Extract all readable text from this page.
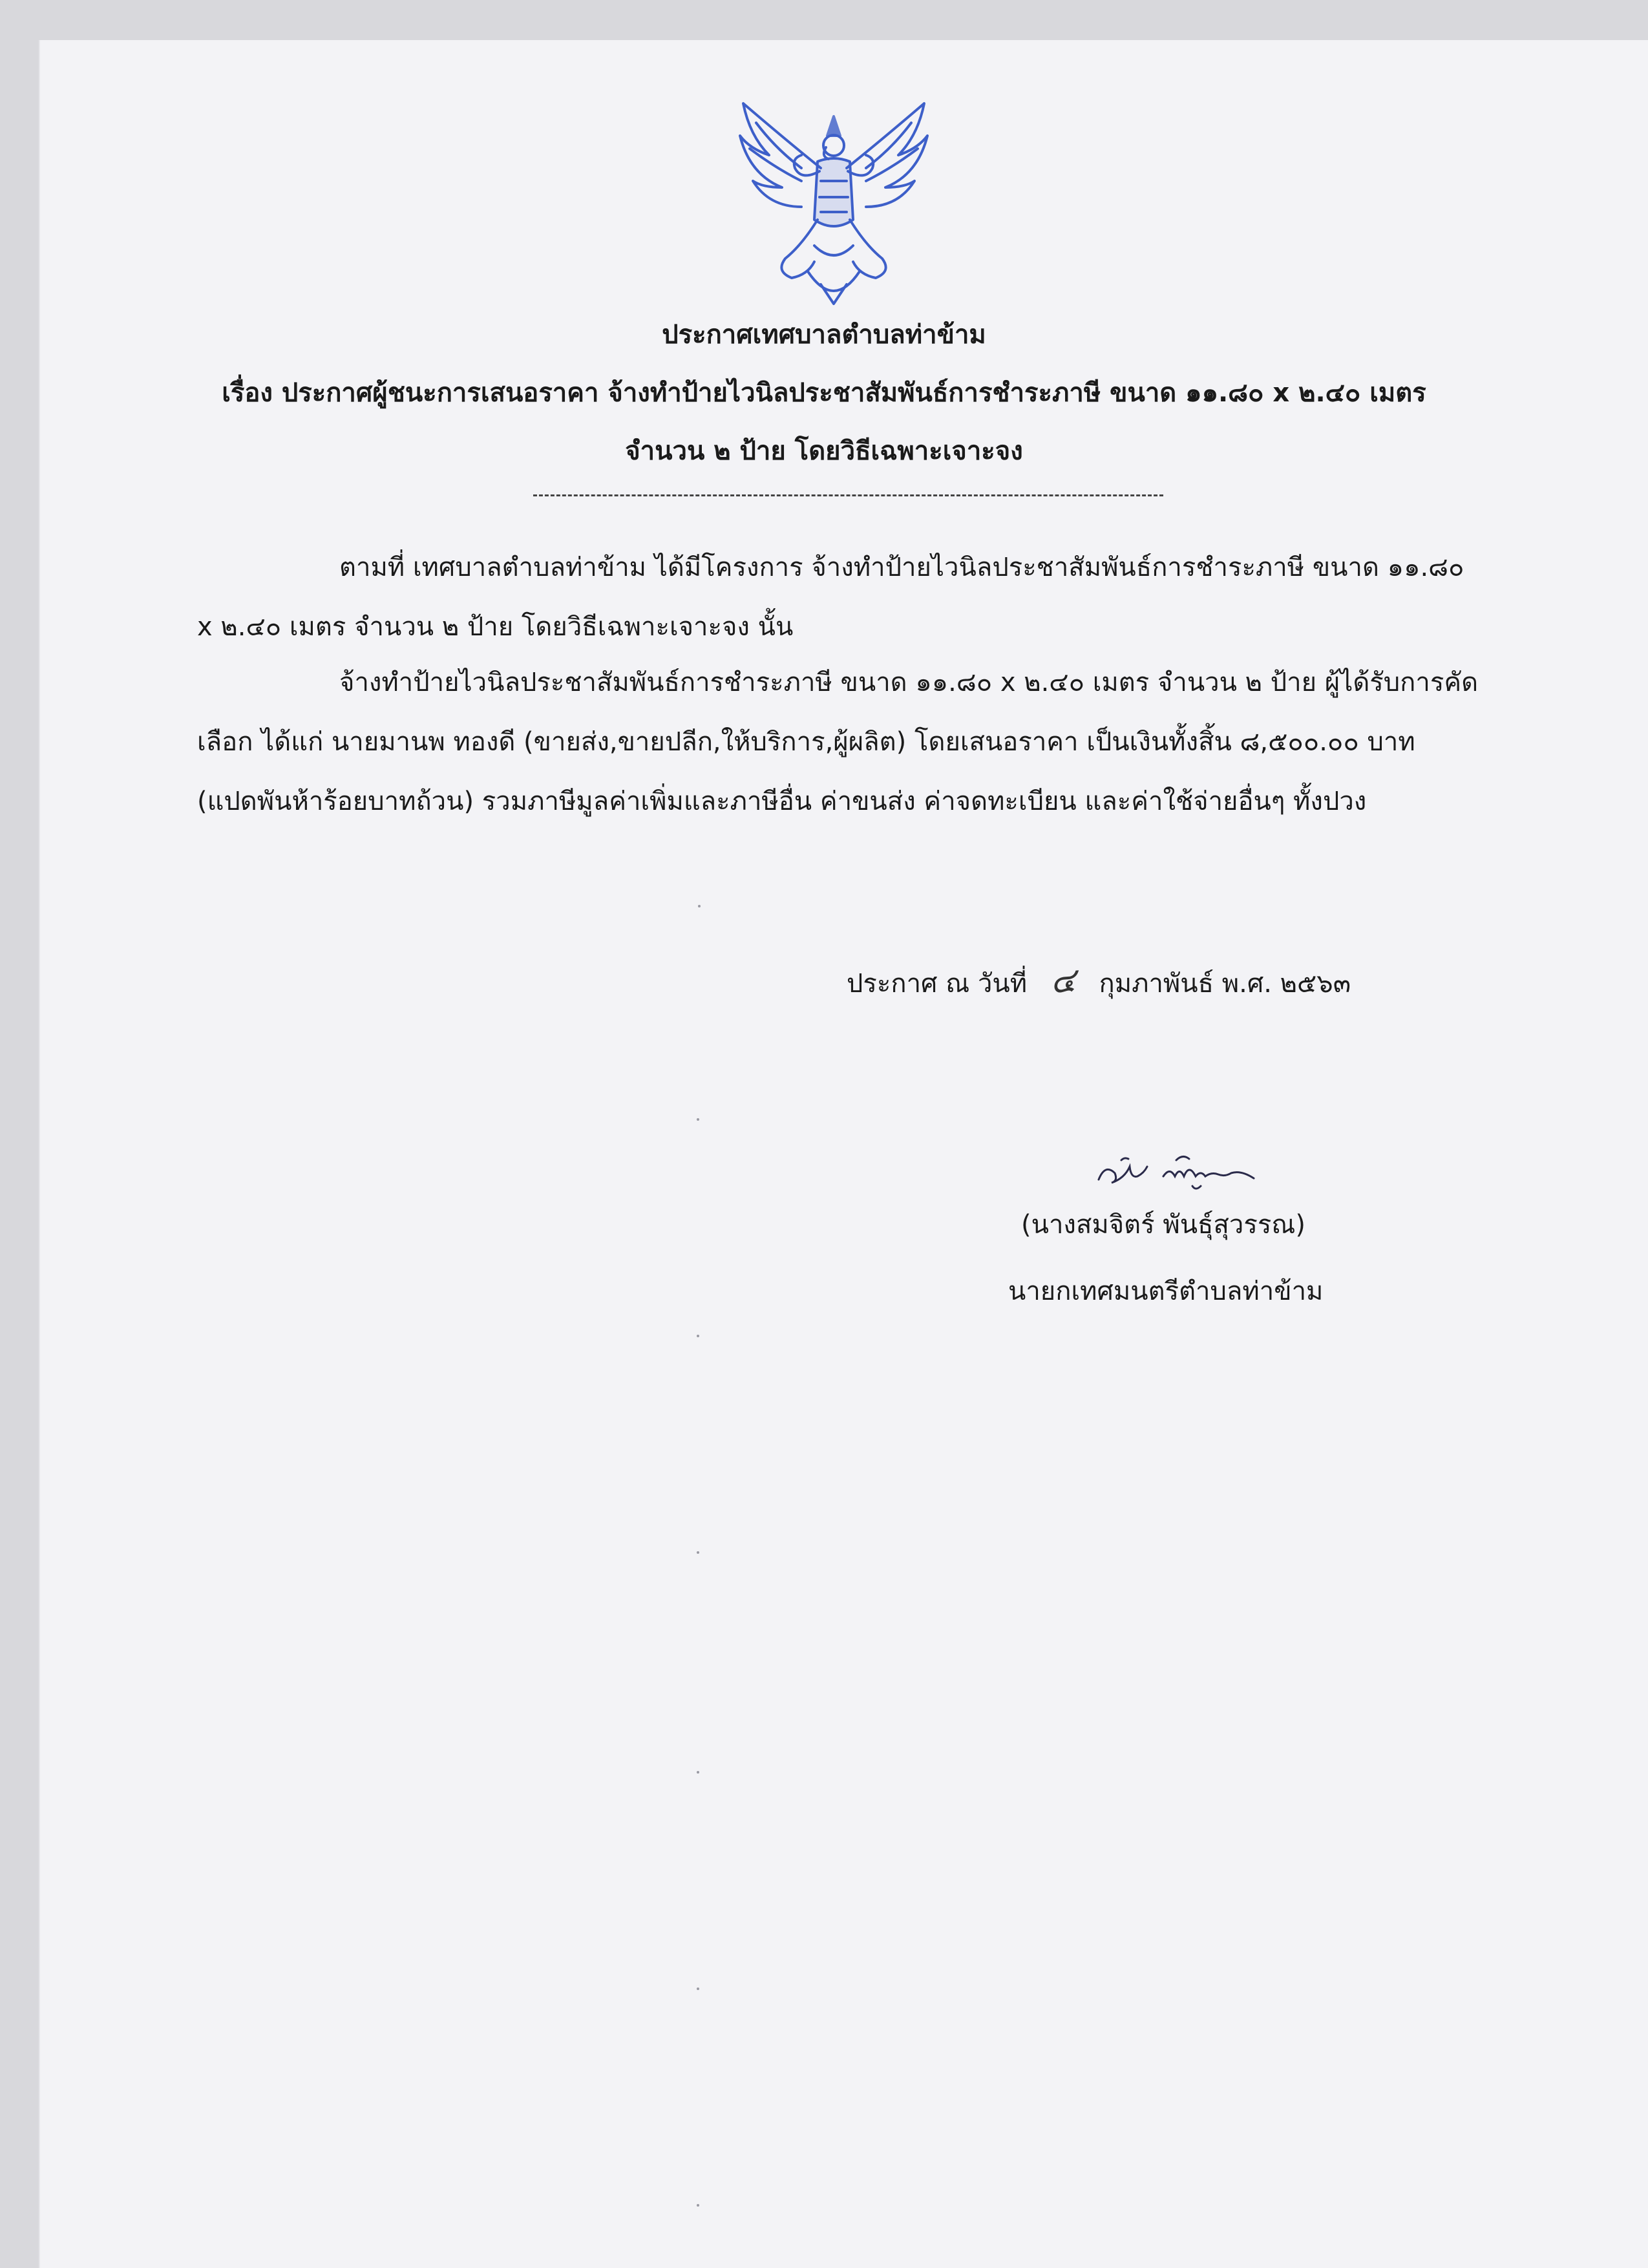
ประกาศเทศบาลตำบลท่าข้าม
เรื่อง ประกาศผู้ชนะการเสนอราคา จ้างทำป้ายไวนิลประชาสัมพันธ์การชำระภาษี ขนาด ๑๑.๘๐ x ๒.๔๐ เมตร
จำนวน ๒ ป้าย โดยวิธีเฉพาะเจาะจง

ตามที่ เทศบาลตำบลท่าข้าม ได้มีโครงการ จ้างทำป้ายไวนิลประชาสัมพันธ์การชำระภาษี ขนาด ๑๑.๘๐ x ๒.๔๐ เมตร จำนวน ๒ ป้าย โดยวิธีเฉพาะเจาะจง นั้น

จ้างทำป้ายไวนิลประชาสัมพันธ์การชำระภาษี ขนาด ๑๑.๘๐ x ๒.๔๐ เมตร จำนวน ๒ ป้าย ผู้ได้รับการคัดเลือก ได้แก่ นายมานพ ทองดี (ขายส่ง,ขายปลีก,ให้บริการ,ผู้ผลิต) โดยเสนอราคา เป็นเงินทั้งสิ้น ๘,๕๐๐.๐๐ บาท (แปดพันห้าร้อยบาทถ้วน) รวมภาษีมูลค่าเพิ่มและภาษีอื่น ค่าขนส่ง ค่าจดทะเบียน และค่าใช้จ่ายอื่นๆ ทั้งปวง

ประกาศ ณ วันที่ ๔ กุมภาพันธ์ พ.ศ. ๒๕๖๓
(นางสมจิตร์ พันธุ์สุวรรณ)
นายกเทศมนตรีตำบลท่าข้าม
